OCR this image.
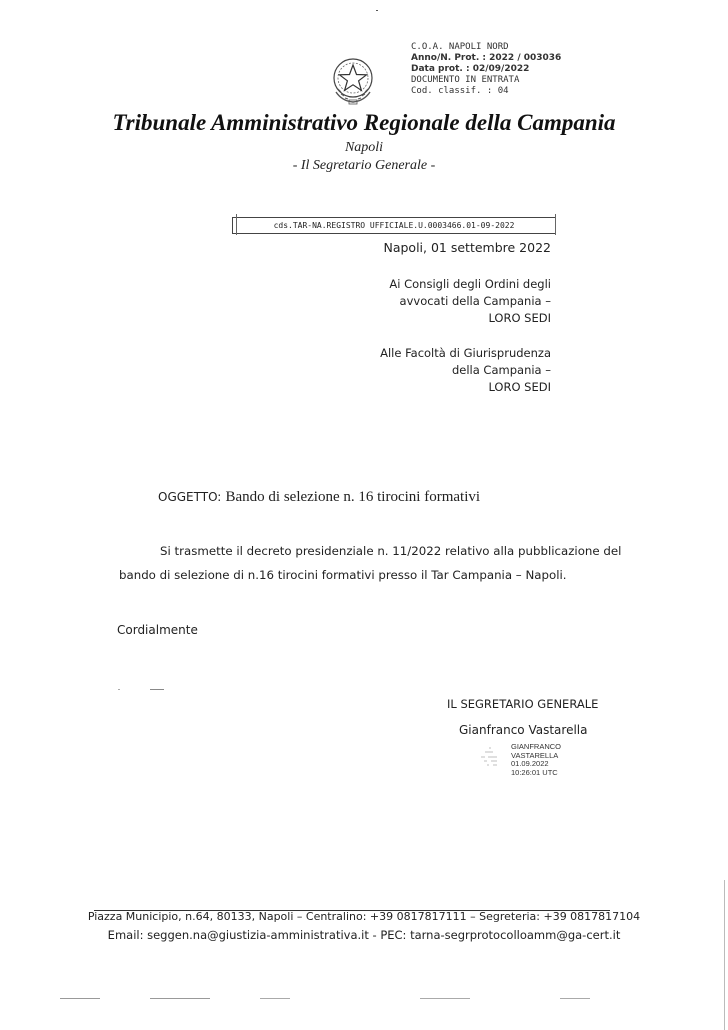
C.O.A. NAPOLI NORD
Anno/N. Prot. : 2022 / 003036
Data prot. : 02/09/2022
DOCUMENTO IN ENTRATA
Cod. classif. : 04
Tribunale Amministrativo Regionale della Campania
Napoli
- Il Segretario Generale -
cds.TAR-NA.REGISTRO UFFICIALE.U.0003466.01-09-2022
Napoli, 01 settembre 2022
Ai Consigli degli Ordini degli
avvocati della Campania –
LORO SEDI
Alle Facoltà di Giurisprudenza
della Campania –
LORO SEDI
OGGETTO: Bando di selezione n. 16 tirocini formativi
Si trasmette il decreto presidenziale n. 11/2022 relativo alla pubblicazione del
bando di selezione di n.16 tirocini formativi presso il Tar Campania – Napoli.
Cordialmente
IL SEGRETARIO GENERALE
Gianfranco Vastarella
GIANFRANCO
VASTARELLA
01.09.2022
10:26:01 UTC
Piazza Municipio, n.64, 80133, Napoli – Centralino: +39 0817817111 – Segreteria: +39 0817817104
Email: seggen.na@giustizia-amministrativa.it - PEC: tarna-segrprotocolloamm@ga-cert.it
